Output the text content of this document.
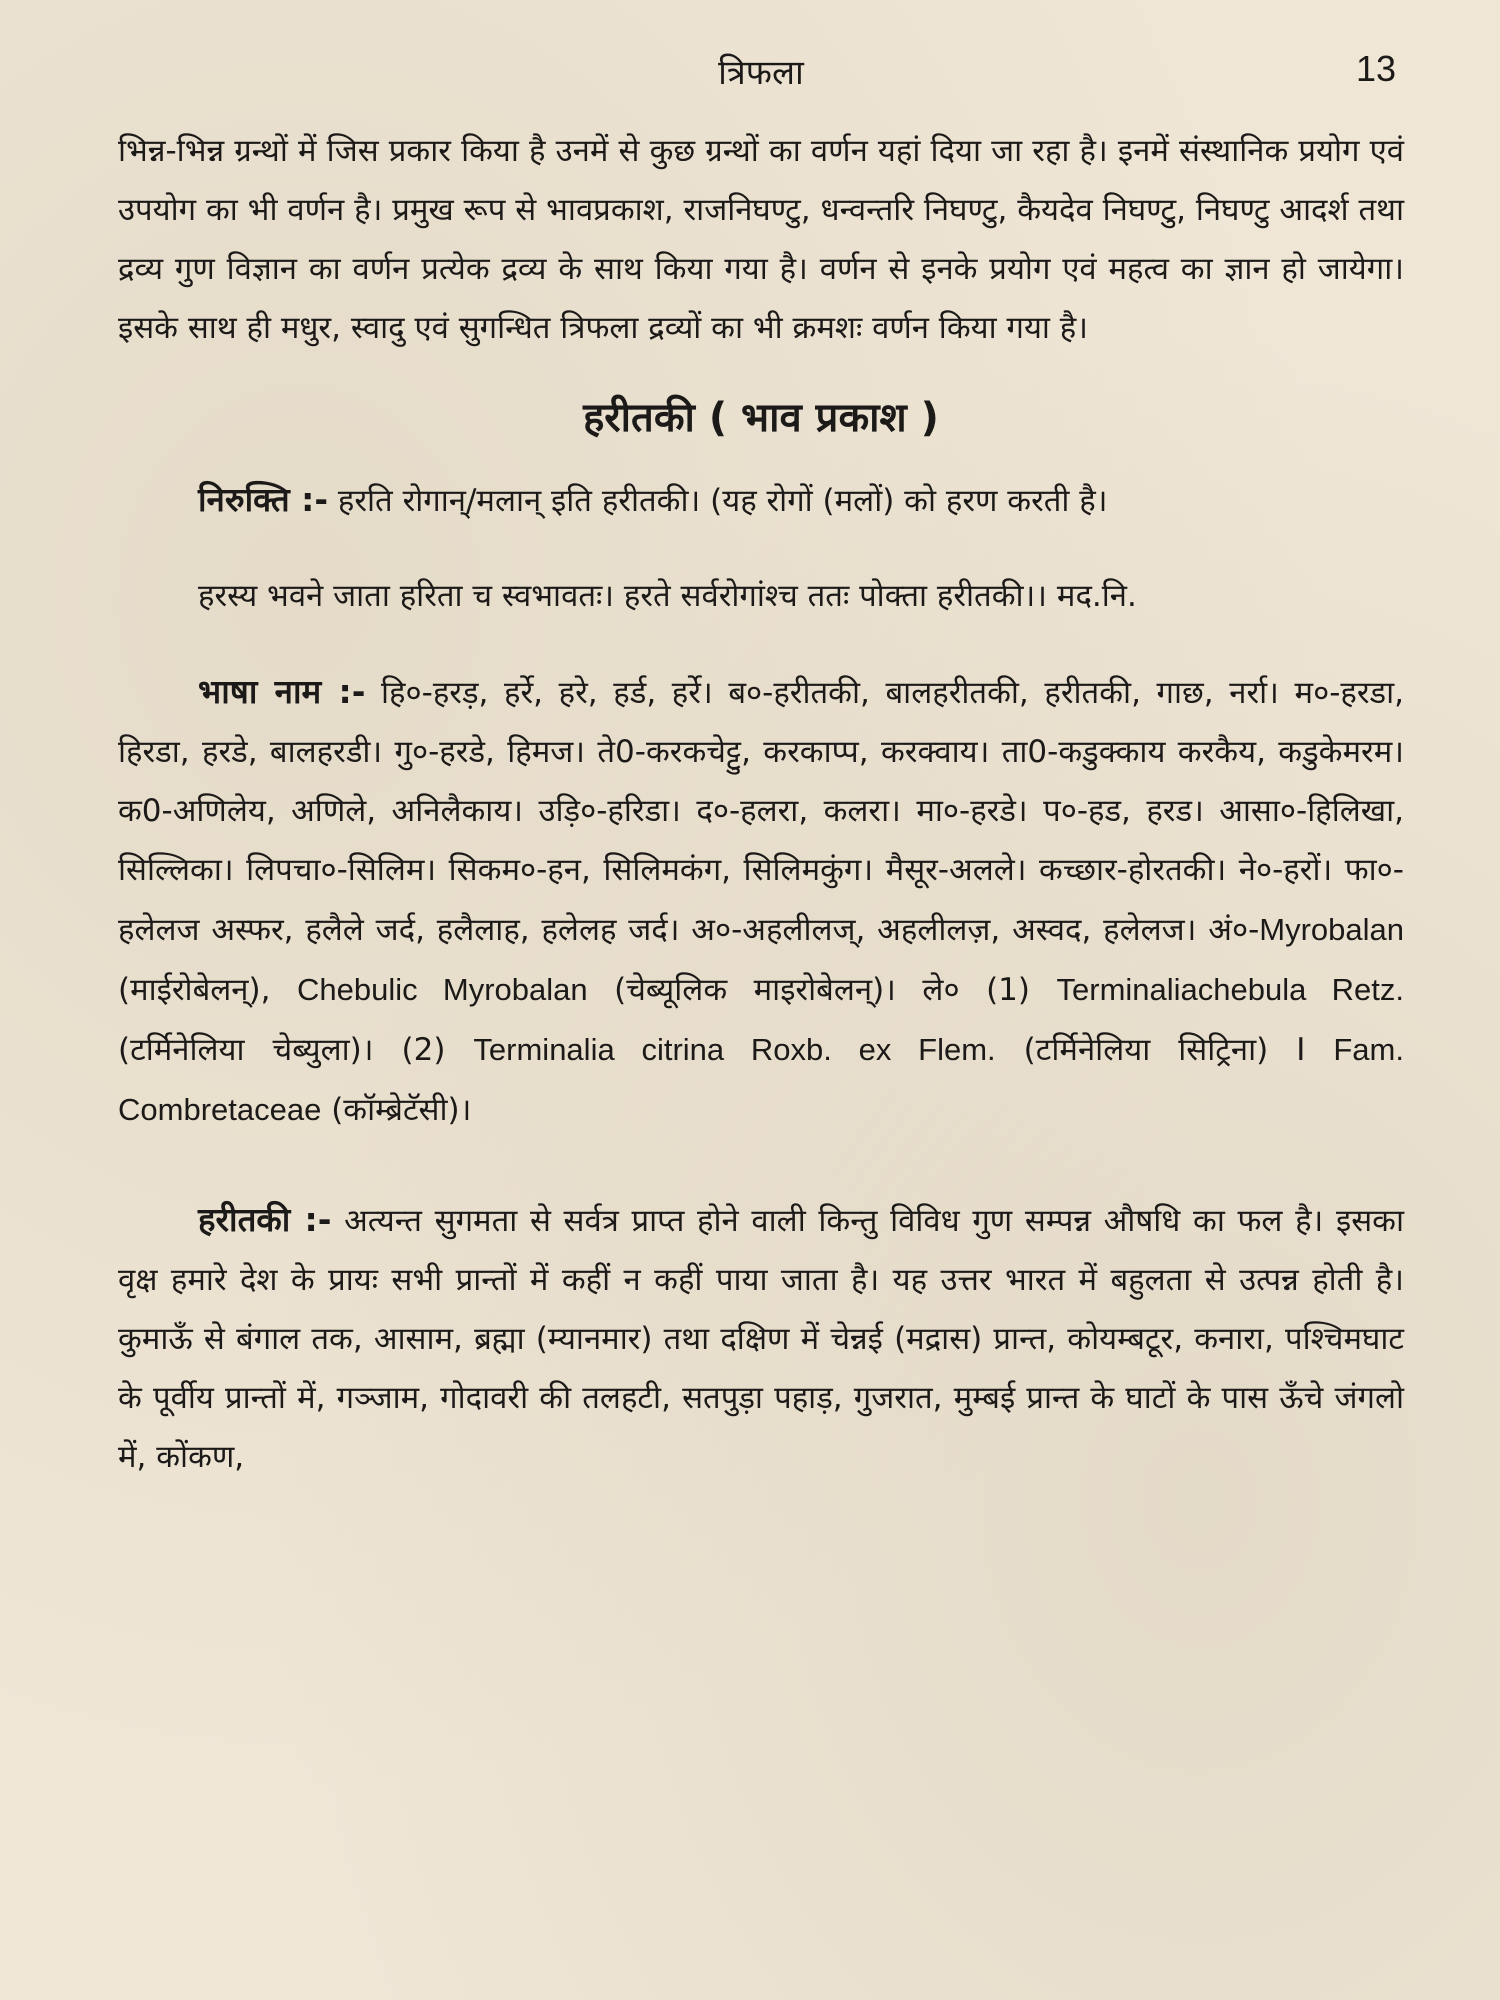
त्रिफला	13

भिन्न-भिन्न ग्रन्थों में जिस प्रकार किया है उनमें से कुछ ग्रन्थों का वर्णन यहां दिया जा रहा है। इनमें संस्थानिक प्रयोग एवं उपयोग का भी वर्णन है। प्रमुख रूप से भावप्रकाश, राजनिघण्टु, धन्वन्तरि निघण्टु, कैयदेव निघण्टु, निघण्टु आदर्श तथा द्रव्य गुण विज्ञान का वर्णन प्रत्येक द्रव्य के साथ किया गया है। वर्णन से इनके प्रयोग एवं महत्व का ज्ञान हो जायेगा। इसके साथ ही मधुर, स्वादु एवं सुगन्धित त्रिफला द्रव्यों का भी क्रमशः वर्णन किया गया है।

हरीतकी ( भाव प्रकाश )

निरुक्ति :- हरति रोगान्/मलान् इति हरीतकी। (यह रोगों (मलों) को हरण करती है।

हरस्य भवने जाता हरिता च स्वभावतः। हरते सर्वरोगांश्च ततः पोक्ता हरीतकी।। मद.नि.

भाषा नाम :- हि०-हरड़, हर्रे, हरे, हर्ड, हर्रे। ब०-हरीतकी, बालहरीतकी, हरीतकी, गाछ, नर्रा। म०-हरडा, हिरडा, हरडे, बालहरडी। गु०-हरडे, हिमज। ते0-करकचेट्टु, करकाप्प, करक्वाय। ता0-कडुक्काय करकैय, कडुकेमरम। क0-अणिलेय, अणिले, अनिलैकाय। उड़ि०-हरिडा। द०-हलरा, कलरा। मा०-हरडे। प०-हड, हरड। आसा०-हिलिखा, सिल्लिका। लिपचा०-सिलिम। सिकम०-हन, सिलिमकंग, सिलिमकुंग। मैसूर-अलले। कच्छार-होरतकी। ने०-हरों। फा०-हलेलज अस्फर, हलैले जर्द, हलैलाह, हलेलह जर्द। अ०-अहलीलज्, अहलीलज़, अस्वद, हलेलज। अं०-Myrobalan (माईरोबेलन्), Chebulic Myrobalan (चेब्यूलिक माइरोबेलन्)। ले० (1) Terminaliachebula Retz. (टर्मिनेलिया चेब्युला)। (2) Terminalia citrina Roxb. ex Flem. (टर्मिनेलिया सिट्रिना) I Fam. Combretaceae (कॉम्ब्रेटॅसी)।

हरीतकी :- अत्यन्त सुगमता से सर्वत्र प्राप्त होने वाली किन्तु विविध गुण सम्पन्न औषधि का फल है। इसका वृक्ष हमारे देश के प्रायः सभी प्रान्तों में कहीं न कहीं पाया जाता है। यह उत्तर भारत में बहुलता से उत्पन्न होती है। कुमाऊँ से बंगाल तक, आसाम, ब्रह्मा (म्यानमार) तथा दक्षिण में चेन्नई (मद्रास) प्रान्त, कोयम्बटूर, कनारा, पश्चिमघाट के पूर्वीय प्रान्तों में, गञ्जाम, गोदावरी की तलहटी, सतपुड़ा पहाड़, गुजरात, मुम्बई प्रान्त के घाटों के पास ऊँचे जंगलो में, कोंकण,
